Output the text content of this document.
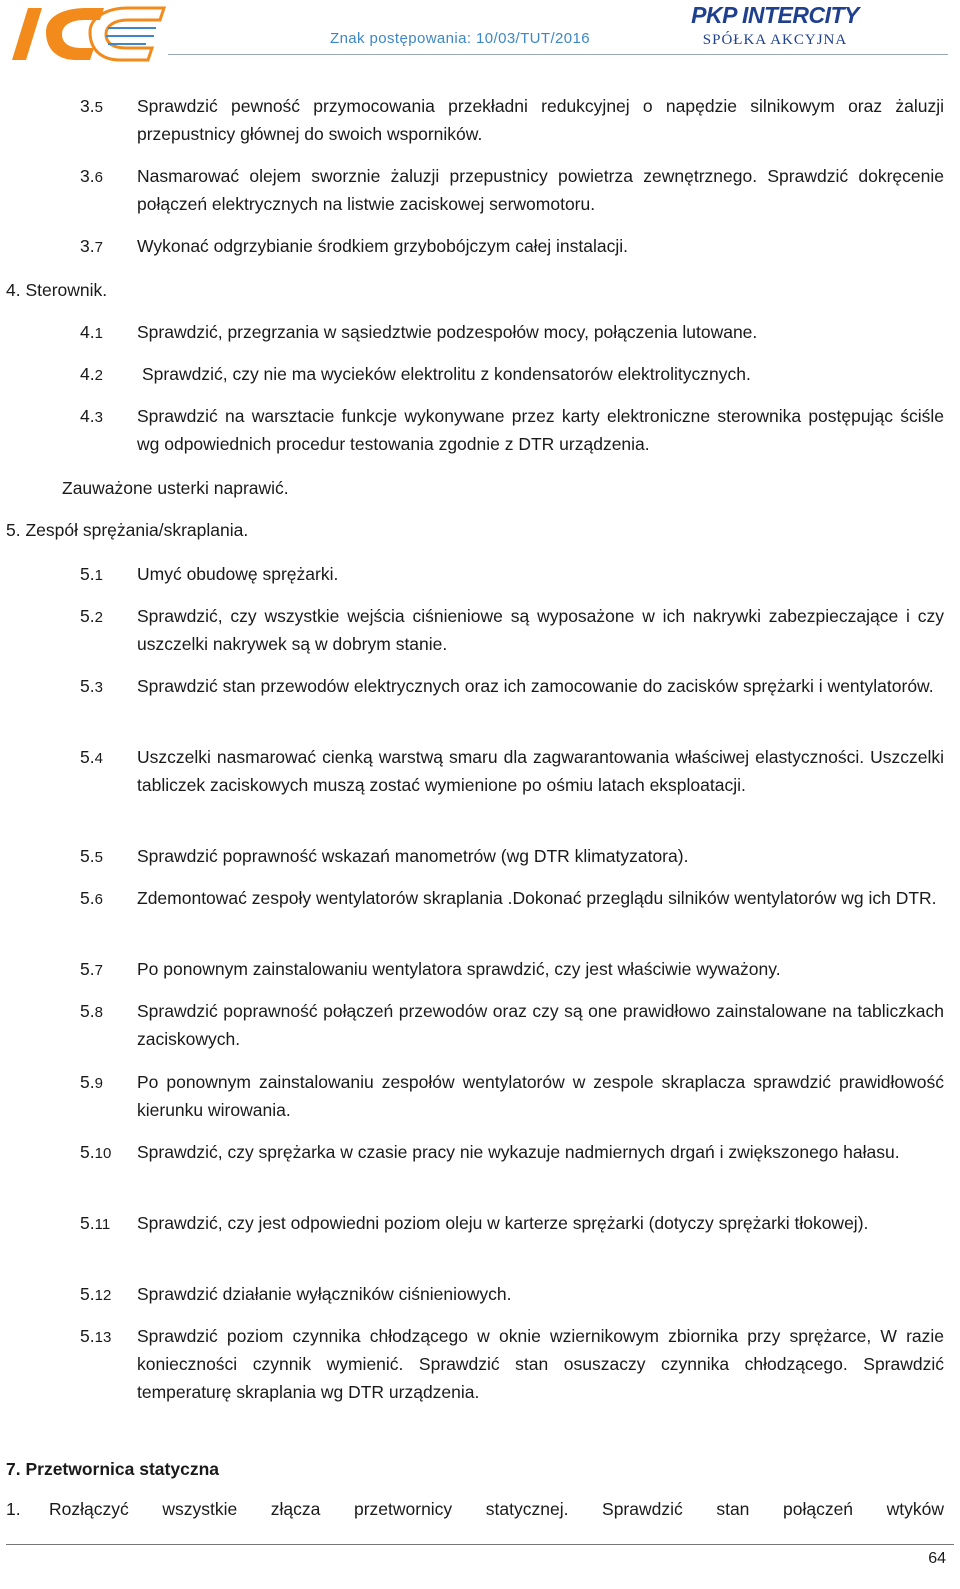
Znak postępowania: 10/03/TUT/2016
PKP INTERCITY
SPÓŁKA AKCYJNA
3.5 Sprawdzić pewność przymocowania przekładni redukcyjnej o napędzie silnikowym oraz żaluzji przepustnicy głównej do swoich wsporników.
3.6 Nasmarować olejem sworznie żaluzji przepustnicy powietrza zewnętrznego. Sprawdzić dokręcenie połączeń elektrycznych na listwie zaciskowej serwomotoru.
3.7 Wykonać odgrzybianie środkiem grzybobójczym całej instalacji.
4. Sterownik.
4.1 Sprawdzić, przegrzania w sąsiedztwie podzespołów mocy, połączenia lutowane.
4.2 Sprawdzić, czy nie ma wycieków elektrolitu z kondensatorów elektrolitycznych.
4.3 Sprawdzić na warsztacie funkcje wykonywane przez karty elektroniczne sterownika postępując ściśle wg odpowiednich procedur testowania zgodnie z DTR urządzenia.
Zauważone usterki naprawić.
5. Zespół sprężania/skraplania.
5.1 Umyć obudowę sprężarki.
5.2 Sprawdzić, czy wszystkie wejścia ciśnieniowe są wyposażone w ich nakrywki zabezpieczające i czy uszczelki nakrywek są w dobrym stanie.
5.3 Sprawdzić stan przewodów elektrycznych oraz ich zamocowanie do zacisków sprężarki i wentylatorów.
5.4 Uszczelki nasmarować cienką warstwą smaru dla zagwarantowania właściwej elastyczności. Uszczelki tabliczek zaciskowych muszą zostać wymienione po ośmiu latach eksploatacji.
5.5 Sprawdzić poprawność wskazań manometrów (wg DTR klimatyzatora).
5.6 Zdemontować zespoły wentylatorów skraplania .Dokonać przeglądu silników wentylatorów wg ich DTR.
5.7 Po ponownym zainstalowaniu wentylatora sprawdzić, czy jest właściwie wyważony.
5.8 Sprawdzić poprawność połączeń przewodów oraz czy są one prawidłowo zainstalowane na tabliczkach zaciskowych.
5.9 Po ponownym zainstalowaniu zespołów wentylatorów w zespole skraplacza sprawdzić prawidłowość kierunku wirowania.
5.10 Sprawdzić, czy sprężarka w czasie pracy nie wykazuje nadmiernych drgań i zwiększonego hałasu.
5.11 Sprawdzić, czy jest odpowiedni poziom oleju w karterze sprężarki (dotyczy sprężarki tłokowej).
5.12 Sprawdzić działanie wyłączników ciśnieniowych.
5.13 Sprawdzić poziom czynnika chłodzącego w oknie wziernikowym zbiornika przy sprężarce, W razie konieczności czynnik wymienić. Sprawdzić stan osuszaczy czynnika chłodzącego. Sprawdzić temperaturę skraplania wg DTR urządzenia.
7. Przetwornica statyczna
1. Rozłączyć wszystkie złącza przetwornicy statycznej. Sprawdzić stan połączeń wtyków
64
